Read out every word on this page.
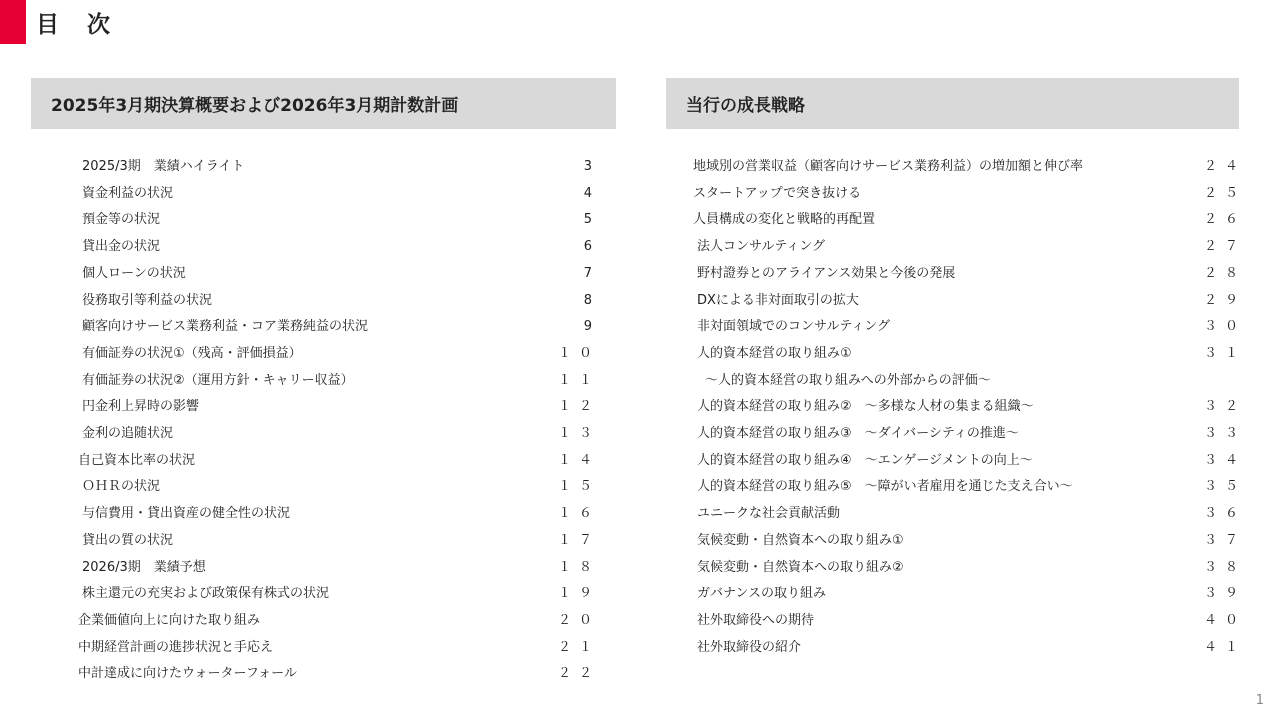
目 次
2025年3月期決算概要および2026年3月期計数計画	当行の成長戦略
2025/3期　業績ハイライト	3
資金利益の状況	4
預金等の状況	5
貸出金の状況	6
個人ローンの状況	7
役務取引等利益の状況	8
顧客向けサービス業務利益・コア業務純益の状況	9
有価証券の状況①（残高・評価損益）	１０
有価証券の状況②（運用方針・キャリー収益）	１１
円金利上昇時の影響	１２
金利の追随状況	１３
自己資本比率の状況	１４
ＯＨＲの状況	１５
与信費用・貸出資産の健全性の状況	１６
貸出の質の状況	１７
2026/3期　業績予想	１８
株主還元の充実および政策保有株式の状況	１９
企業価値向上に向けた取り組み	２０
中期経営計画の進捗状況と手応え	２１
中計達成に向けたウォーターフォール	２２
地域別の営業収益（顧客向けサービス業務利益）の増加額と伸び率	２４
スタートアップで突き抜ける	２５
人員構成の変化と戦略的再配置	２６
法人コンサルティング	２７
野村證券とのアライアンス効果と今後の発展	２８
DXによる非対面取引の拡大	２９
非対面領域でのコンサルティング	３０
人的資本経営の取り組み①	３１
～人的資本経営の取り組みへの外部からの評価～
人的資本経営の取り組み②　～多様な人材の集まる組織～	３２
人的資本経営の取り組み③　～ダイバーシティの推進～	３３
人的資本経営の取り組み④　～エンゲージメントの向上～	３４
人的資本経営の取り組み⑤　～障がい者雇用を通じた支え合い～	３５
ユニークな社会貢献活動	３６
気候変動・自然資本への取り組み①	３７
気候変動・自然資本への取り組み②	３８
ガバナンスの取り組み	３９
社外取締役への期待	４０
社外取締役の紹介	４１
1
